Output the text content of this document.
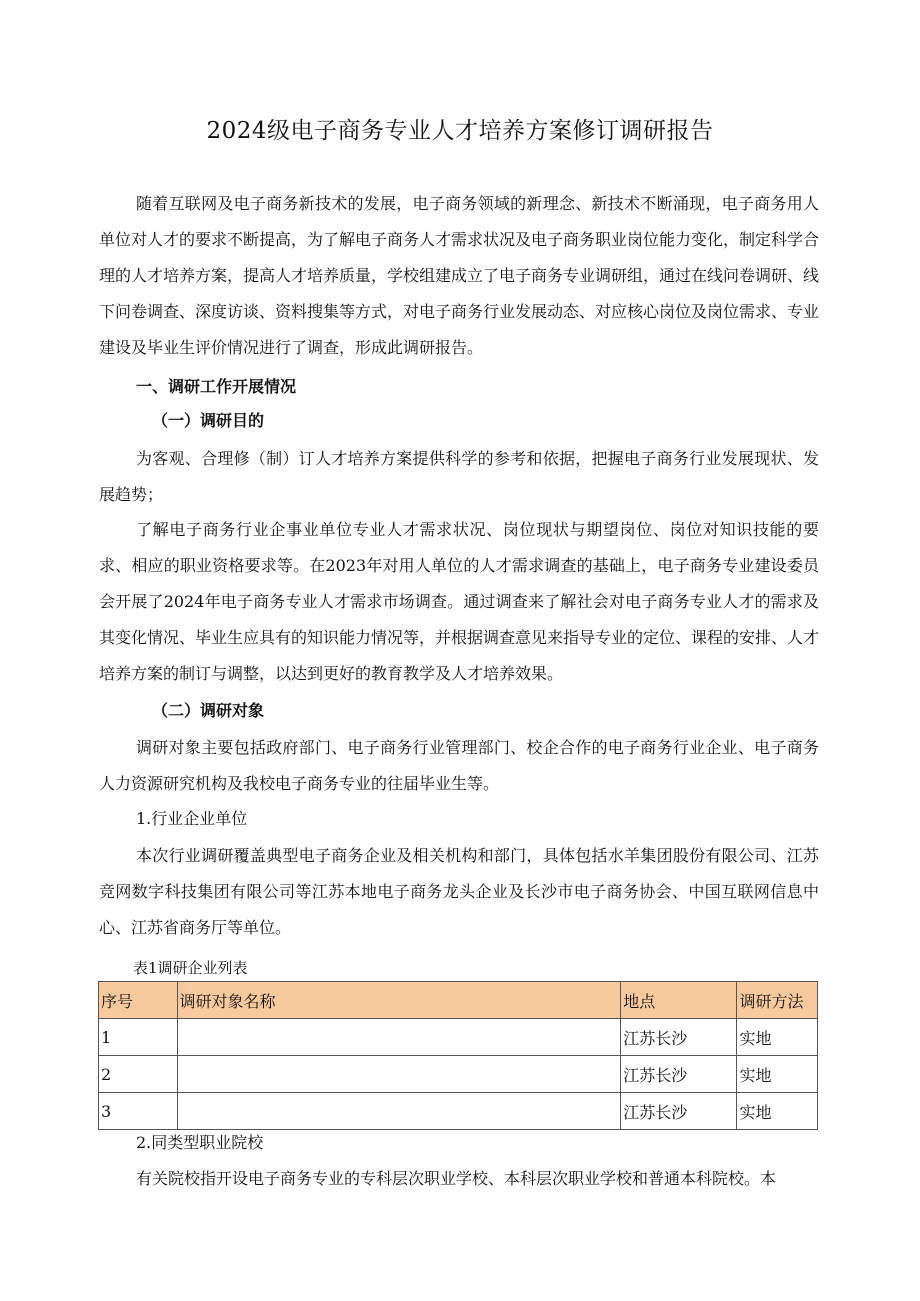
2024级电子商务专业人才培养方案修订调研报告

随着互联网及电子商务新技术的发展，电子商务领域的新理念、新技术不断涌现，电子商务用人单位对人才的要求不断提高，为了解电子商务人才需求状况及电子商务职业岗位能力变化，制定科学合理的人才培养方案，提高人才培养质量，学校组建成立了电子商务专业调研组，通过在线问卷调研、线下问卷调查、深度访谈、资料搜集等方式，对电子商务行业发展动态、对应核心岗位及岗位需求、专业建设及毕业生评价情况进行了调查，形成此调研报告。

一、调研工作开展情况

（一）调研目的

为客观、合理修（制）订人才培养方案提供科学的参考和依据，把握电子商务行业发展现状、发展趋势；

了解电子商务行业企事业单位专业人才需求状况、岗位现状与期望岗位、岗位对知识技能的要求、相应的职业资格要求等。在2023年对用人单位的人才需求调查的基础上，电子商务专业建设委员会开展了2024年电子商务专业人才需求市场调查。通过调查来了解社会对电子商务专业人才的需求及其变化情况、毕业生应具有的知识能力情况等，并根据调查意见来指导专业的定位、课程的安排、人才培养方案的制订与调整，以达到更好的教育教学及人才培养效果。

（二）调研对象

调研对象主要包括政府部门、电子商务行业管理部门、校企合作的电子商务行业企业、电子商务人力资源研究机构及我校电子商务专业的往届毕业生等。

1.行业企业单位

本次行业调研覆盖典型电子商务企业及相关机构和部门，具体包括水羊集团股份有限公司、江苏竞网数字科技集团有限公司等江苏本地电子商务龙头企业及长沙市电子商务协会、中国互联网信息中心、江苏省商务厅等单位。

表1调研企业列表

序号	调研对象名称	地点	调研方法
1		江苏长沙	实地
2		江苏长沙	实地
3		江苏长沙	实地

2.同类型职业院校

有关院校指开设电子商务专业的专科层次职业学校、本科层次职业学校和普通本科院校。本
